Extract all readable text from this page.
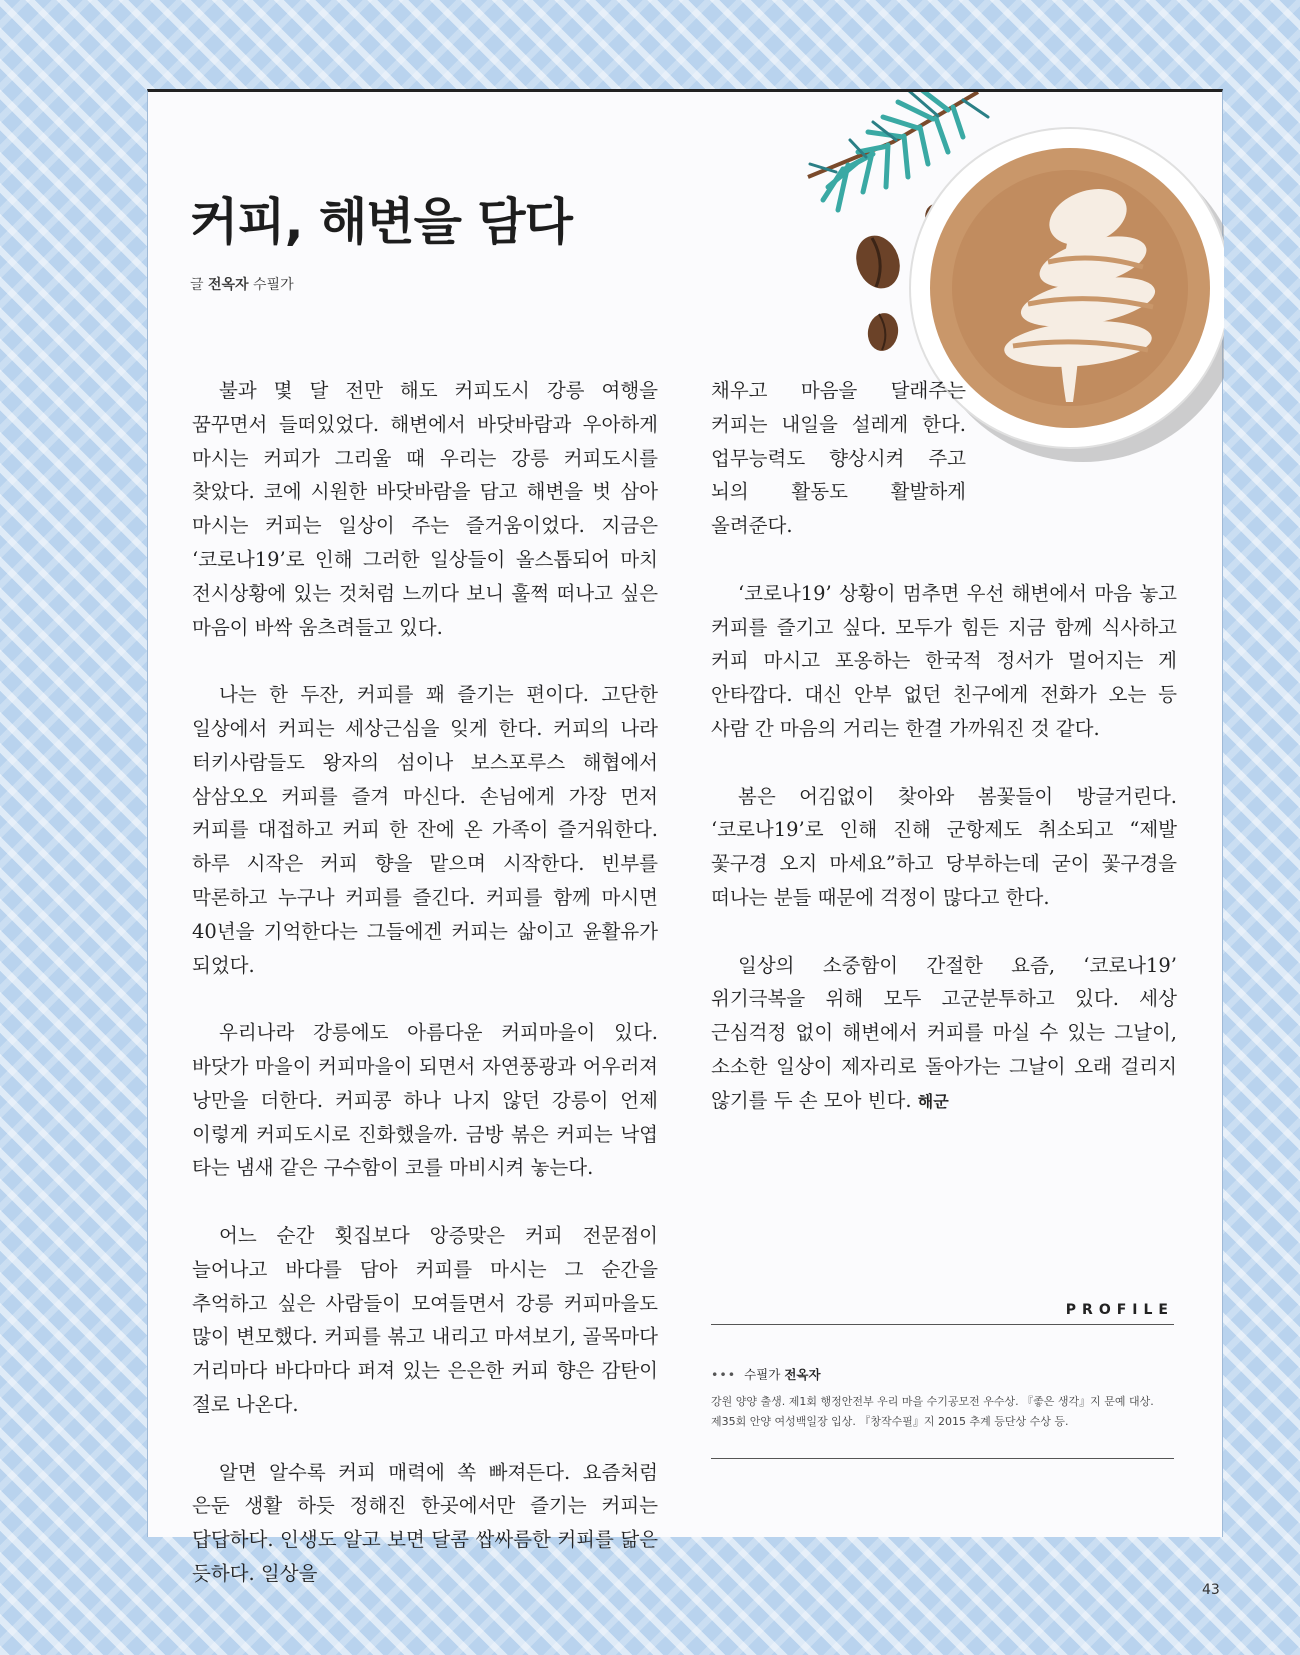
커피, 해변을 담다
글 전옥자 수필가

불과 몇 달 전만 해도 커피도시 강릉 여행을 꿈꾸면서 들떠있었다. 해변에서 바닷바람과 우아하게 마시는 커피가 그리울 때 우리는 강릉 커피도시를 찾았다. 코에 시원한 바닷바람을 담고 해변을 벗 삼아 마시는 커피는 일상이 주는 즐거움이었다. 지금은 ‘코로나19’로 인해 그러한 일상들이 올스톱되어 마치 전시상황에 있는 것처럼 느끼다 보니 훌쩍 떠나고 싶은 마음이 바싹 움츠려들고 있다.

나는 한 두잔, 커피를 꽤 즐기는 편이다. 고단한 일상에서 커피는 세상근심을 잊게 한다. 커피의 나라 터키사람들도 왕자의 섬이나 보스포루스 해협에서 삼삼오오 커피를 즐겨 마신다. 손님에게 가장 먼저 커피를 대접하고 커피 한 잔에 온 가족이 즐거워한다. 하루 시작은 커피 향을 맡으며 시작한다. 빈부를 막론하고 누구나 커피를 즐긴다. 커피를 함께 마시면 40년을 기억한다는 그들에겐 커피는 삶이고 윤활유가 되었다.

우리나라 강릉에도 아름다운 커피마을이 있다. 바닷가 마을이 커피마을이 되면서 자연풍광과 어우러져 낭만을 더한다. 커피콩 하나 나지 않던 강릉이 언제 이렇게 커피도시로 진화했을까. 금방 볶은 커피는 낙엽 타는 냄새 같은 구수함이 코를 마비시켜 놓는다.

어느 순간 횟집보다 앙증맞은 커피 전문점이 늘어나고 바다를 담아 커피를 마시는 그 순간을 추억하고 싶은 사람들이 모여들면서 강릉 커피마을도 많이 변모했다. 커피를 볶고 내리고 마셔보기, 골목마다 거리마다 바다마다 퍼져 있는 은은한 커피 향은 감탄이 절로 나온다.

알면 알수록 커피 매력에 쏙 빠져든다. 요즘처럼 은둔 생활 하듯 정해진 한곳에서만 즐기는 커피는 답답하다. 인생도 알고 보면 달콤 쌉싸름한 커피를 닮은 듯하다. 일상을

채우고 마음을 달래주는 커피는 내일을 설레게 한다. 업무능력도 향상시켜 주고 뇌의 활동도 활발하게 올려준다.

‘코로나19’ 상황이 멈추면 우선 해변에서 마음 놓고 커피를 즐기고 싶다. 모두가 힘든 지금 함께 식사하고 커피 마시고 포옹하는 한국적 정서가 멀어지는 게 안타깝다. 대신 안부 없던 친구에게 전화가 오는 등 사람 간 마음의 거리는 한결 가까워진 것 같다.

봄은 어김없이 찾아와 봄꽃들이 방글거린다. ‘코로나19’로 인해 진해 군항제도 취소되고 “제발 꽃구경 오지 마세요”하고 당부하는데 굳이 꽃구경을 떠나는 분들 때문에 걱정이 많다고 한다.

일상의 소중함이 간절한 요즘, ‘코로나19’ 위기극복을 위해 모두 고군분투하고 있다. 세상 근심걱정 없이 해변에서 커피를 마실 수 있는 그날이, 소소한 일상이 제자리로 돌아가는 그날이 오래 걸리지 않기를 두 손 모아 빈다. 해군

PROFILE
••• 수필가 전옥자
강원 양양 출생. 제1회 행정안전부 우리 마을 수기공모전 우수상. 『좋은 생각』지 문예 대상.
제35회 안양 여성백일장 입상. 『창작수필』지 2015 추계 등단상 수상 등.
43
